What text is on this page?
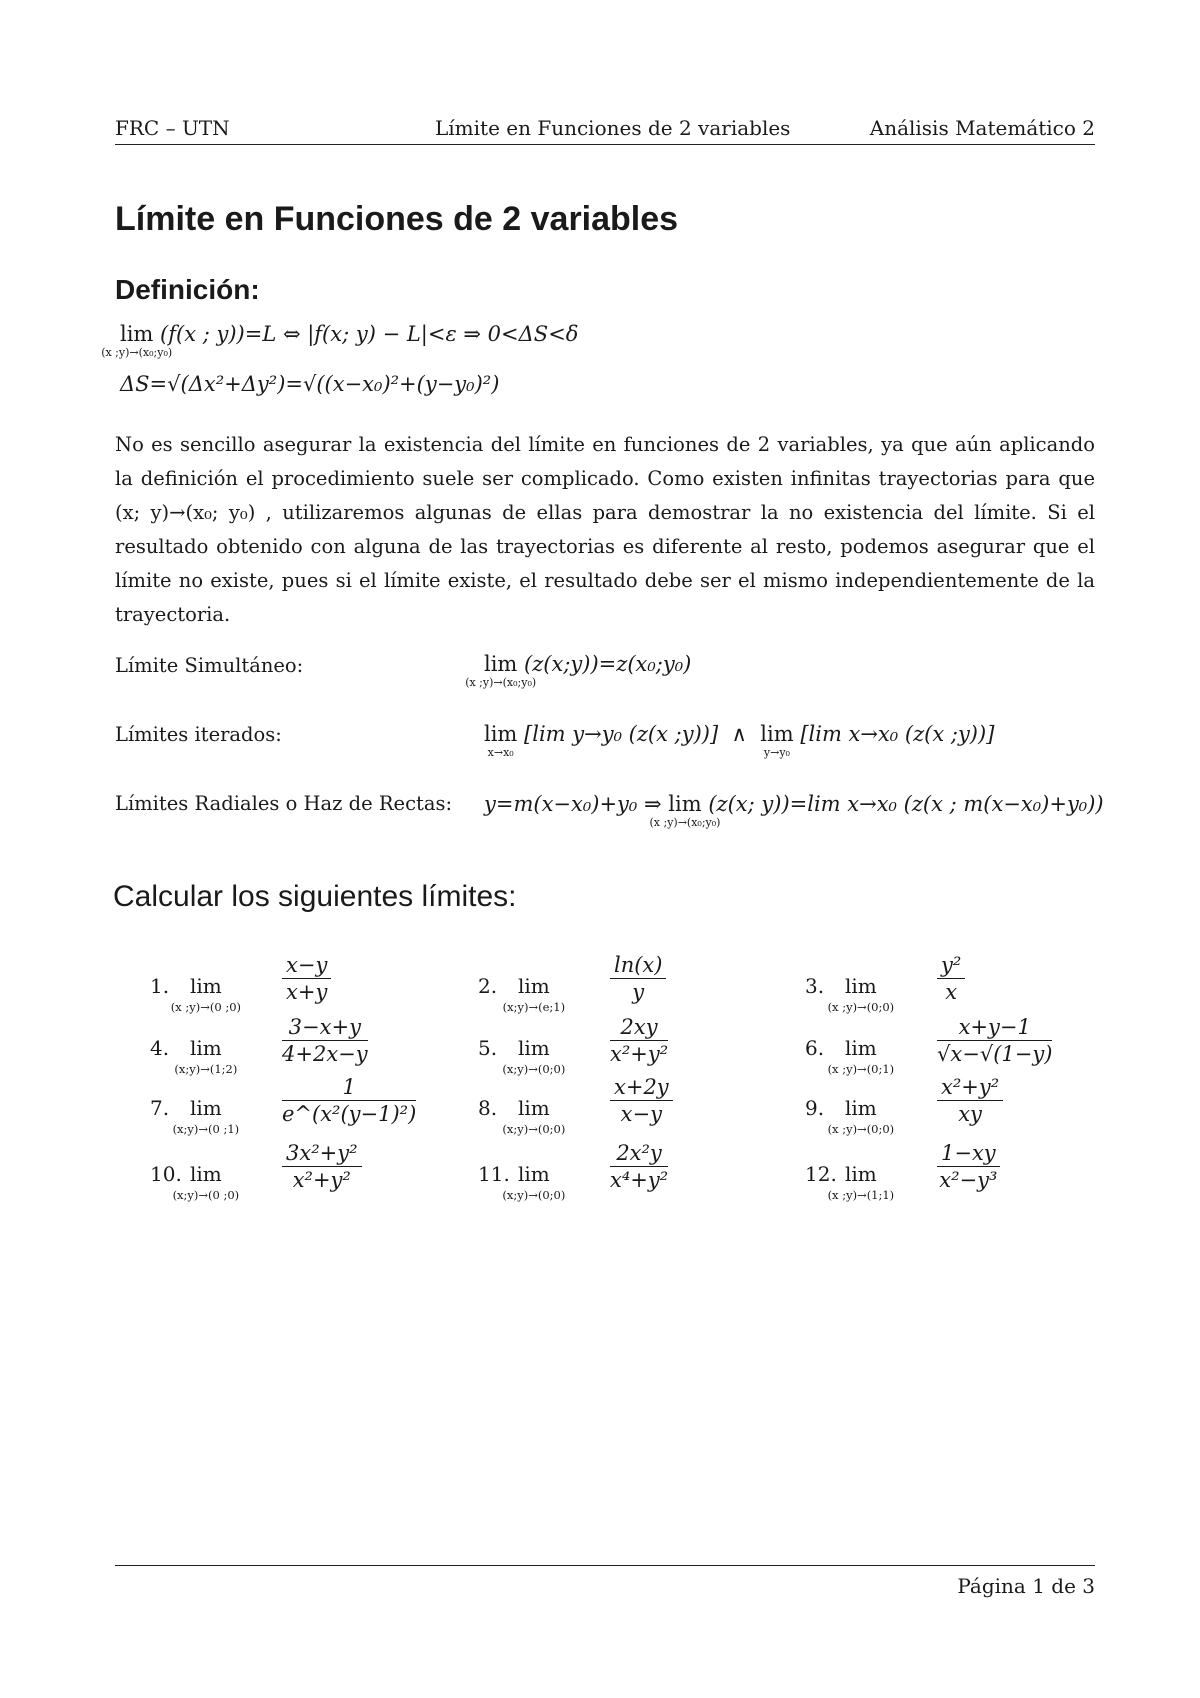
FRC – UTN	Límite en Funciones de 2 variables	Análisis Matemático 2
Límite en Funciones de 2 variables
Definición:
lim
(x ;y)→(x₀;y₀)
(f(x ; y))=L ⇔ |f(x; y) − L|<ε ⇒ 0<ΔS<δ
ΔS=√(Δx²+Δy²)=√((x−x₀)²+(y−y₀)²)

No es sencillo asegurar la existencia del límite en funciones de 2 variables, ya que aún aplicando la definición el procedimiento suele ser complicado. Como existen infinitas trayectorias para que (x; y)→(x₀; y₀) , utilizaremos algunas de ellas para demostrar la no existencia del límite. Si el resultado obtenido con alguna de las trayectorias es diferente al resto, podemos asegurar que el límite no existe, pues si el límite existe, el resultado debe ser el mismo independientemente de la trayectoria.

Límite Simultáneo:	lim
(x ;y)→(x₀;y₀)
(z(x;y))=z(x₀;y₀)
Límites iterados:	lim
x→x₀
[lim y→y₀ (z(x ;y))] ∧ lim
y→y₀
[lim x→x₀ (z(x ;y))]
Límites Radiales o Haz de Rectas: y=m(x−x₀)+y₀ ⇒ lim
(x ;y)→(x₀;y₀)
(z(x; y))=lim x→x₀ (z(x ; m(x−x₀)+y₀))
Calcular los siguientes límites:
1. lim
(x ;y)→(0 ;0)
$\frac{x-y}{x+y}$	2. lim
(x;y)→(e;1)
$\frac{\ln(x)}{y}$	3. lim
(x ;y)→(0;0)
$\frac{\text{y²}}{x}$
4. lim
(x;y)→(1;2)
$\frac{3-x+y}{4+2x-y}$	5. lim
(x;y)→(0;0)
$\frac{2xy}{\text{x²+y²}}$	6. lim
(x ;y)→(0;1)
$\frac{x+y-1}{√x-√(1-y)}$
7. lim
(x;y)→(0 ;1)
$\frac{1}{\text{e\textasciicircum{}(x²(y−1)²)}}$	8. lim
(x;y)→(0;0)
$\frac{x+2y}{x-y}$	9. lim
(x ;y)→(0;0)
$\frac{\text{x²+y²}}{xy}$
10. lim
(x;y)→(0 ;0)
$\frac{\text{3x²+y²}}{\text{x²+y²}}$	11. lim
(x;y)→(0;0)
$\frac{\text{2x²y}}{\text{x⁴+y²}}$	12. lim
(x ;y)→(1;1)
$\frac{1-xy}{\text{x²−y³}}$
Página 1 de 3
